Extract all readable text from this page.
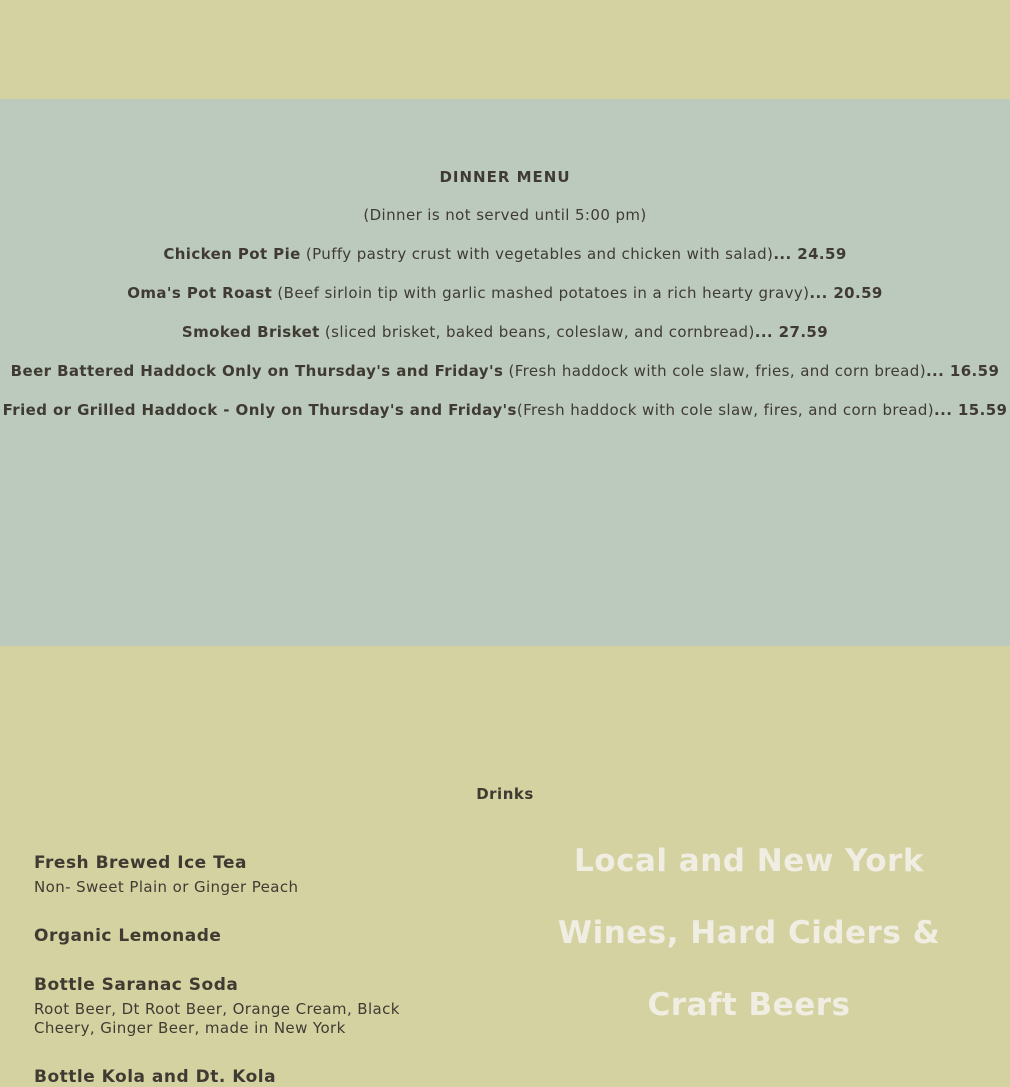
DINNER MENU
(Dinner is not served until 5:00 pm)
Chicken Pot Pie (Puffy pastry crust with vegetables and chicken with salad)... 24.59
Oma's Pot Roast (Beef sirloin tip with garlic mashed potatoes in a rich hearty gravy)... 20.59
Smoked Brisket (sliced brisket, baked beans, coleslaw, and cornbread)... 27.59
Beer Battered Haddock Only on Thursday's and Friday's (Fresh haddock with cole slaw, fries, and corn bread)... 16.59
Fried or Grilled Haddock - Only on Thursday's and Friday's(Fresh haddock with cole slaw, fires, and corn bread)... 15.59
Drinks
Fresh Brewed Ice Tea
Non- Sweet Plain or Ginger Peach
Organic Lemonade
Bottle Saranac Soda
Root Beer, Dt Root Beer, Orange Cream, Black Cheery, Ginger Beer, made in New York
Bottle Kola and Dt. Kola
Local and New York
Wines, Hard Ciders &
Craft Beers
